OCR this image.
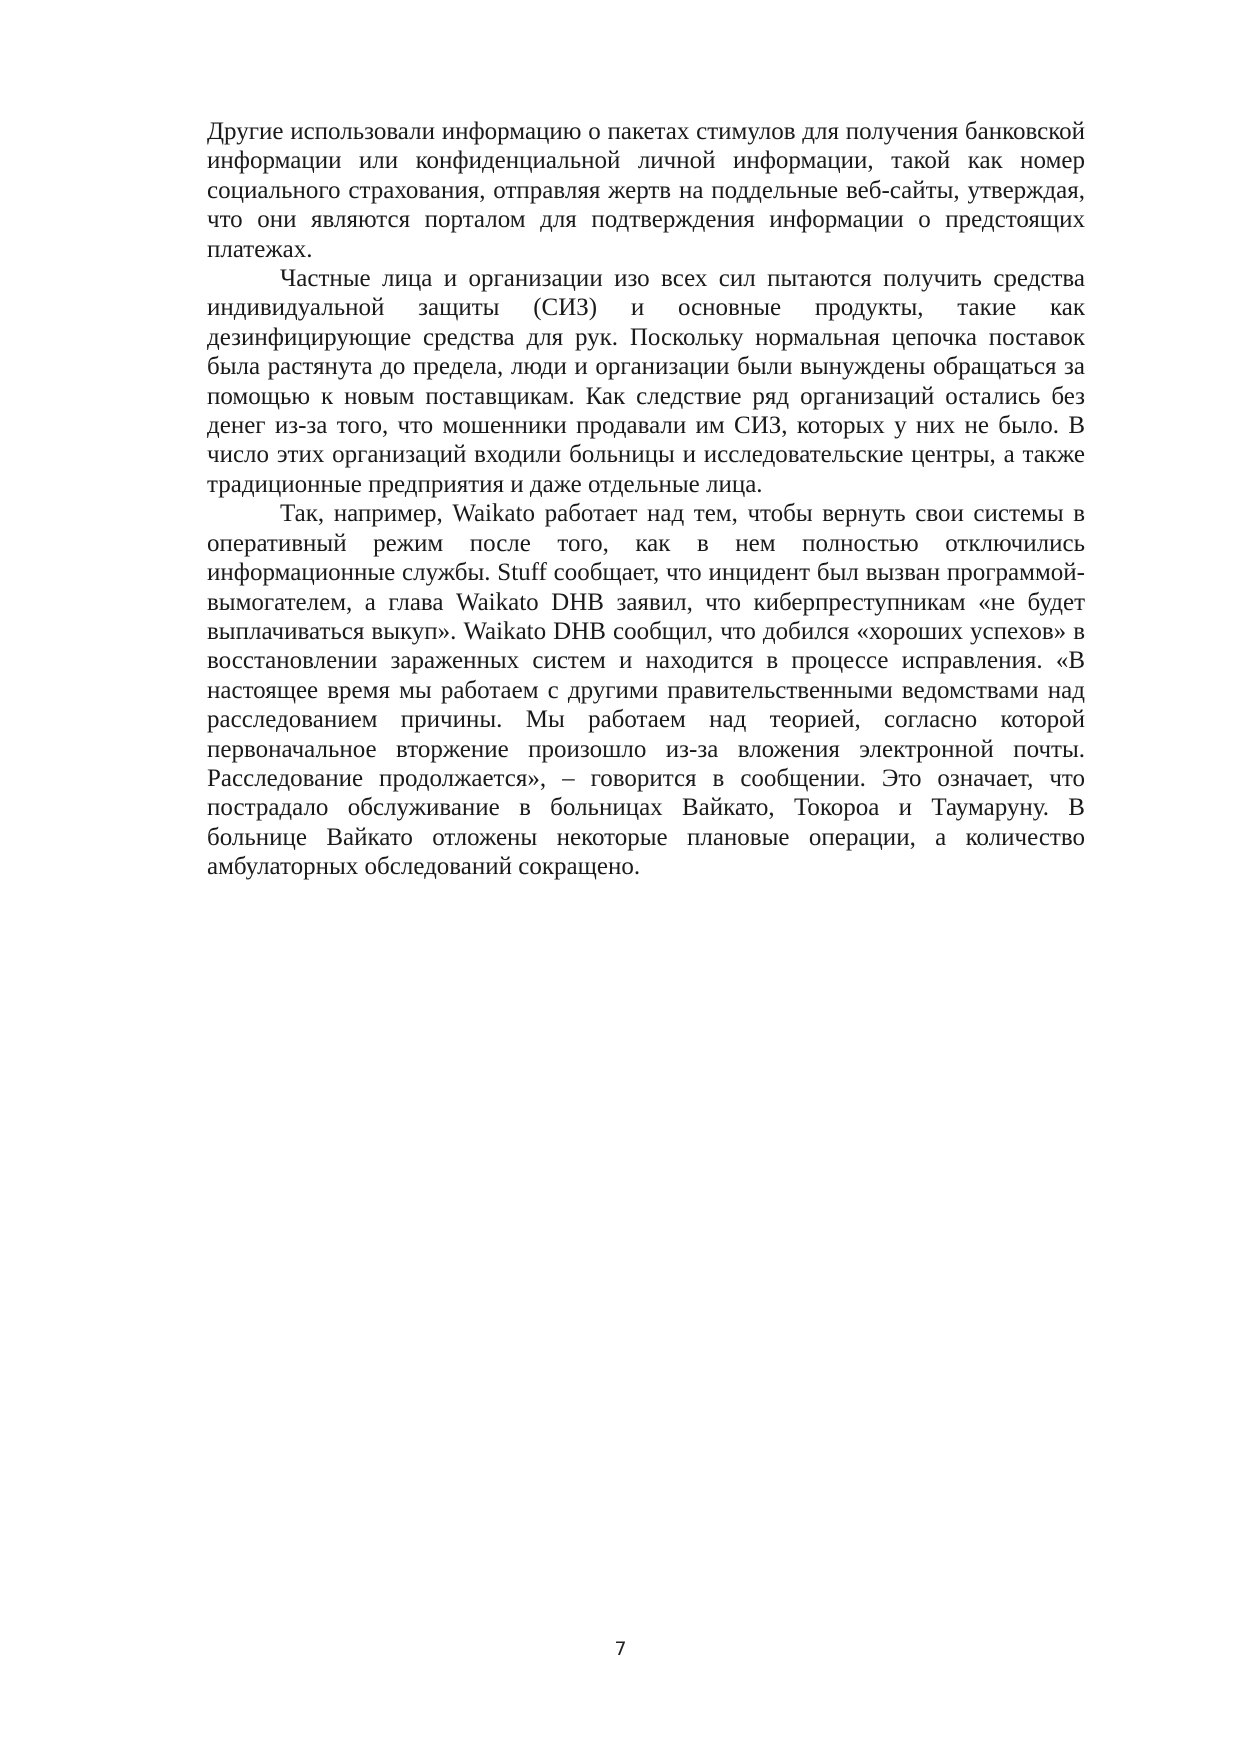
Другие использовали информацию о пакетах стимулов для получения банковской информации или конфиденциальной личной информации, такой как номер социального страхования, отправляя жертв на поддельные веб-сайты, утверждая, что они являются порталом для подтверждения информации о предстоящих платежах.

Частные лица и организации изо всех сил пытаются получить средства индивидуальной защиты (СИЗ) и основные продукты, такие как дезинфицирующие средства для рук. Поскольку нормальная цепочка поставок была растянута до предела, люди и организации были вынуждены обращаться за помощью к новым поставщикам. Как следствие ряд организаций остались без денег из-за того, что мошенники продавали им СИЗ, которых у них не было. В число этих организаций входили больницы и исследовательские центры, а также традиционные предприятия и даже отдельные лица.

Так, например, Waikato работает над тем, чтобы вернуть свои системы в оперативный режим после того, как в нем полностью отключились информационные службы. Stuff сообщает, что инцидент был вызван программой-вымогателем, а глава Waikato DHB заявил, что киберпреступникам «не будет выплачиваться выкуп». Waikato DHB сообщил, что добился «хороших успехов» в восстановлении зараженных систем и находится в процессе исправления. «В настоящее время мы работаем с другими правительственными ведомствами над расследованием причины. Мы работаем над теорией, согласно которой первоначальное вторжение произошло из-за вложения электронной почты. Расследование продолжается», – говорится в сообщении. Это означает, что пострадало обслуживание в больницах Вайкато, Токороа и Таумаруну. В больнице Вайкато отложены некоторые плановые операции, а количество амбулаторных обследований сокращено.

7
